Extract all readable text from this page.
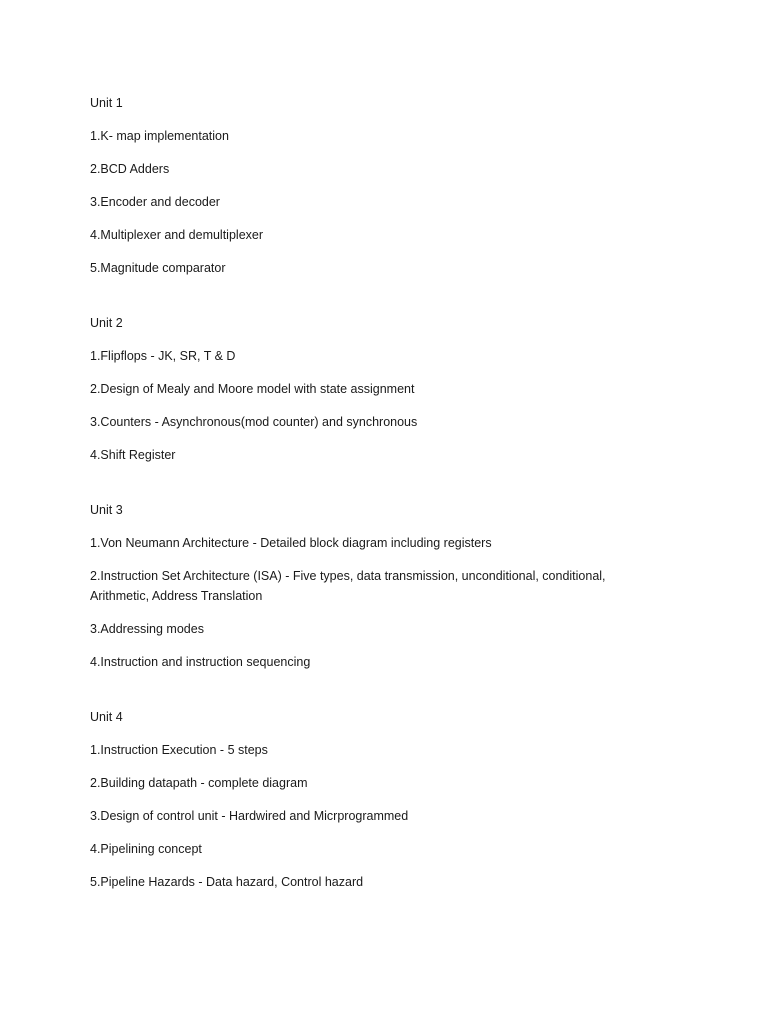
Unit 1

1.K- map implementation

2.BCD Adders

3.Encoder and decoder

4.Multiplexer and demultiplexer

5.Magnitude comparator

Unit 2

1.Flipflops - JK, SR, T & D

2.Design of Mealy and Moore model with state assignment

3.Counters - Asynchronous(mod counter) and synchronous

4.Shift Register

Unit 3

1.Von Neumann Architecture - Detailed block diagram including registers

2.Instruction Set Architecture (ISA) - Five types, data transmission, unconditional, conditional, Arithmetic, Address Translation

3.Addressing modes

4.Instruction and instruction sequencing

Unit 4

1.Instruction Execution - 5 steps

2.Building datapath - complete diagram

3.Design of control unit - Hardwired and Micrprogrammed

4.Pipelining concept

5.Pipeline Hazards - Data hazard, Control hazard
